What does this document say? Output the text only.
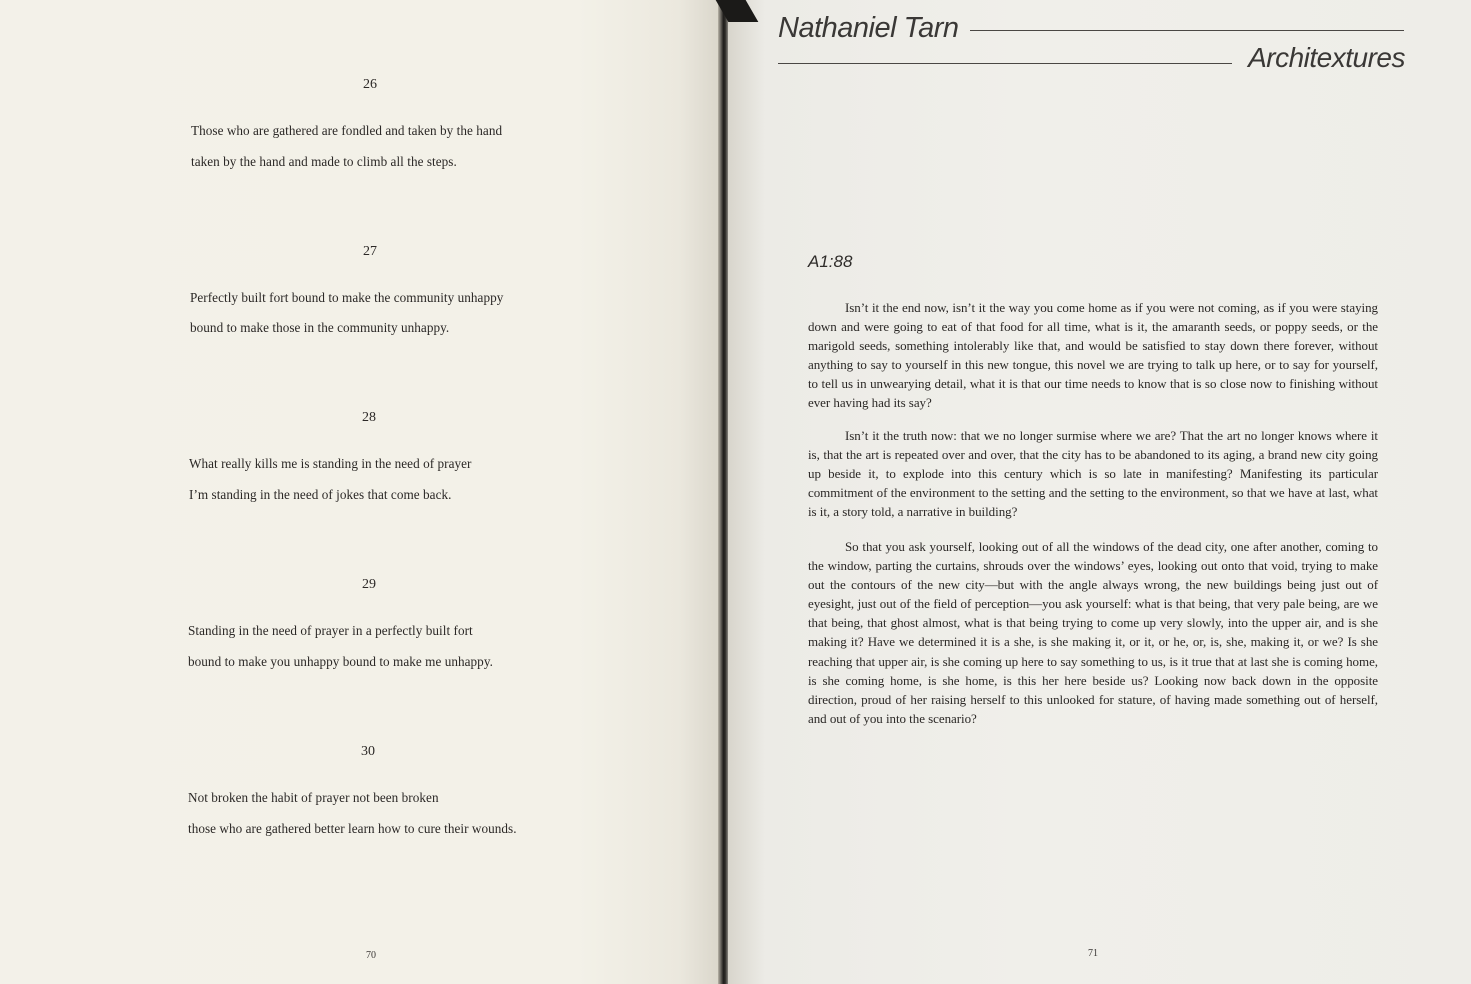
26
Those who are gathered are fondled and taken by the hand
taken by the hand and made to climb all the steps.
27
Perfectly built fort bound to make the community unhappy
bound to make those in the community unhappy.
28
What really kills me is standing in the need of prayer
I’m standing in the need of jokes that come back.
29
Standing in the need of prayer in a perfectly built fort
bound to make you unhappy bound to make me unhappy.
30
Not broken the habit of prayer not been broken
those who are gathered better learn how to cure their wounds.
70
Nathaniel Tarn
Architextures
A1:88

Isn’t it the end now, isn’t it the way you come home as if you were not coming, as if you were staying down and were going to eat of that food for all time, what is it, the amaranth seeds, or poppy seeds, or the marigold seeds, something intolerably like that, and would be satisfied to stay down there forever, without anything to say to yourself in this new tongue, this novel we are trying to talk up here, or to say for yourself, to tell us in unwearying detail, what it is that our time needs to know that is so close now to finishing without ever having had its say?

Isn’t it the truth now: that we no longer surmise where we are? That the art no longer knows where it is, that the art is repeated over and over, that the city has to be abandoned to its aging, a brand new city going up beside it, to explode into this century which is so late in manifesting? Manifesting its particular commitment of the environment to the setting and the setting to the environment, so that we have at last, what is it, a story told, a narrative in building?

So that you ask yourself, looking out of all the windows of the dead city, one after another, coming to the window, parting the curtains, shrouds over the windows’ eyes, looking out onto that void, trying to make out the contours of the new city—but with the angle always wrong, the new buildings being just out of eyesight, just out of the field of perception—you ask yourself: what is that being, that very pale being, are we that being, that ghost almost, what is that being trying to come up very slowly, into the upper air, and is she making it? Have we determined it is a she, is she making it, or it, or he, or, is, she, making it, or we? Is she reaching that upper air, is she coming up here to say something to us, is it true that at last she is coming home, is she coming home, is she home, is this her here beside us? Looking now back down in the opposite direction, proud of her raising herself to this unlooked for stature, of having made something out of herself, and out of you into the scenario?

71
